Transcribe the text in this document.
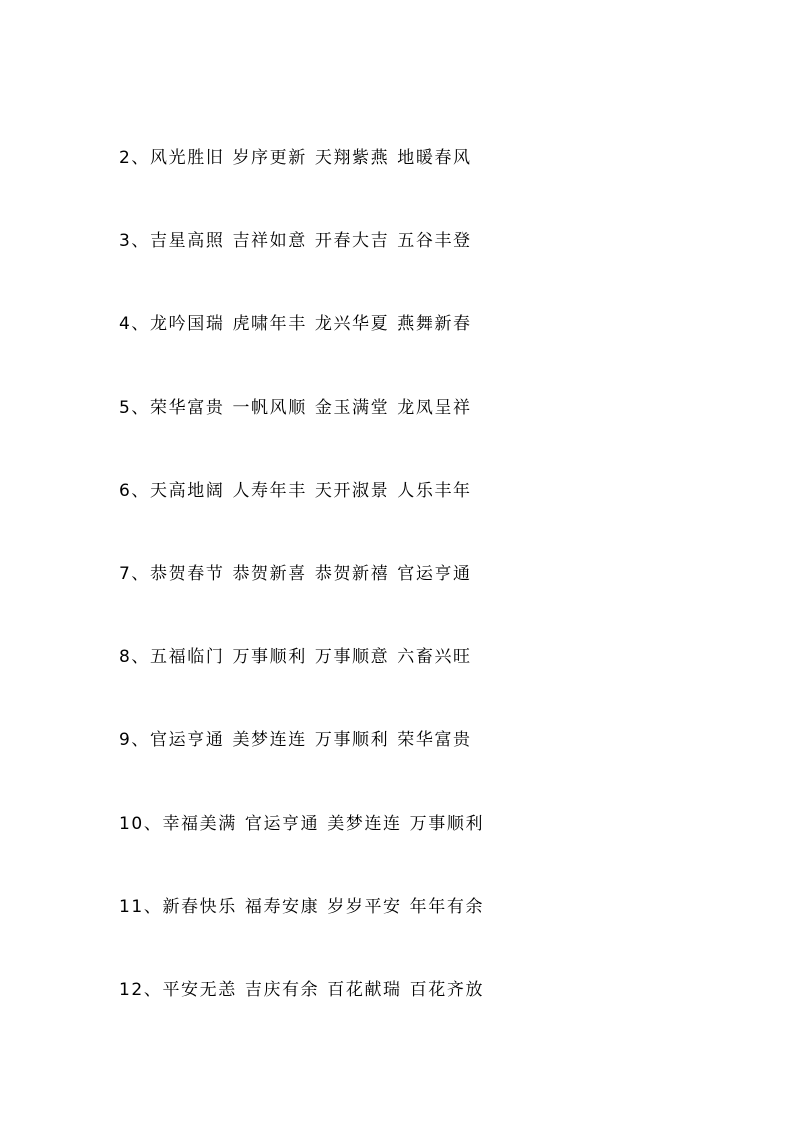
2、风光胜旧 岁序更新 天翔紫燕 地暖春风
3、吉星高照 吉祥如意 开春大吉 五谷丰登
4、龙吟国瑞 虎啸年丰 龙兴华夏 燕舞新春
5、荣华富贵 一帆风顺 金玉满堂 龙凤呈祥
6、天高地阔 人寿年丰 天开淑景 人乐丰年
7、恭贺春节 恭贺新喜 恭贺新禧 官运亨通
8、五福临门 万事顺利 万事顺意 六畜兴旺
9、官运亨通 美梦连连 万事顺利 荣华富贵
10、幸福美满 官运亨通 美梦连连 万事顺利
11、新春快乐 福寿安康 岁岁平安 年年有余
12、平安无恙 吉庆有余 百花献瑞 百花齐放
